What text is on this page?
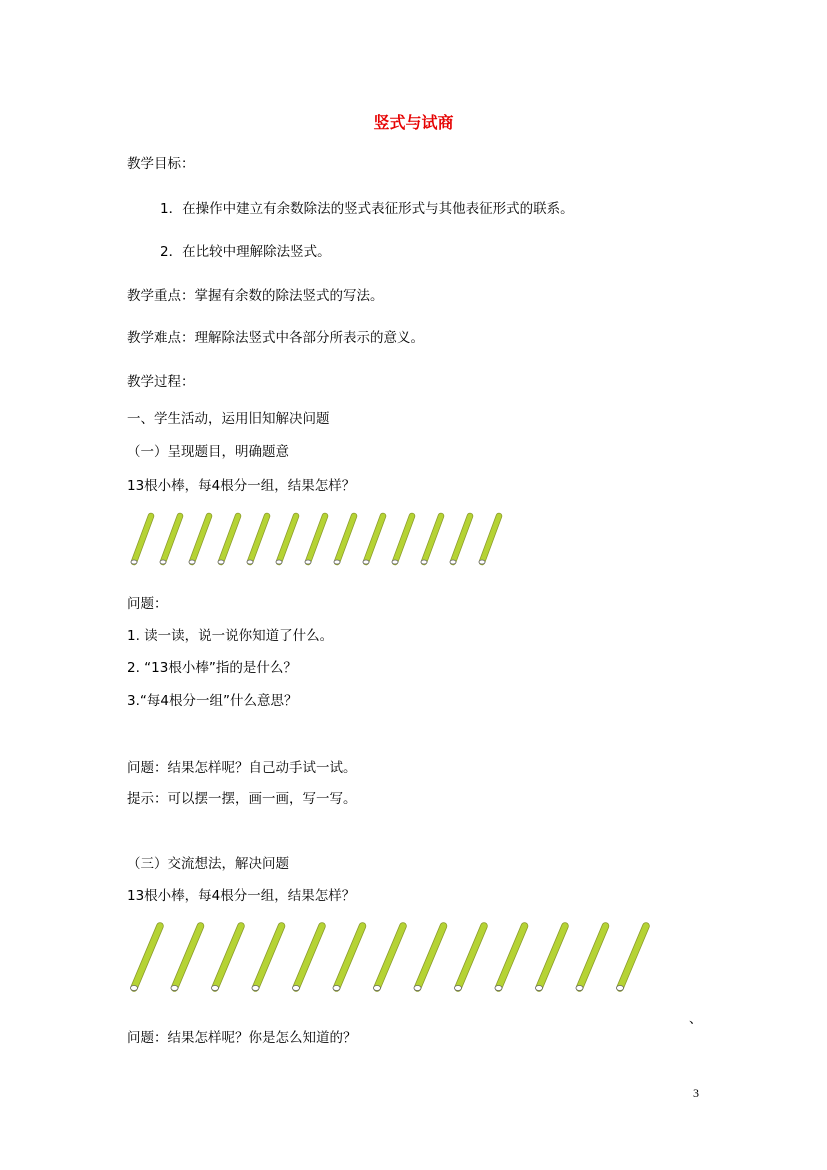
竖式与试商
教学目标：
1．在操作中建立有余数除法的竖式表征形式与其他表征形式的联系。
2．在比较中理解除法竖式。
教学重点：掌握有余数的除法竖式的写法。
教学难点：理解除法竖式中各部分所表示的意义。
教学过程：
一、学生活动，运用旧知解决问题
（一）呈现题目，明确题意
13根小棒，每4根分一组，结果怎样？
问题：
1. 读一读，说一说你知道了什么。
2. “13根小棒”指的是什么？
3.“每4根分一组”什么意思？
问题：结果怎样呢？自己动手试一试。
提示：可以摆一摆，画一画，写一写。
（三）交流想法，解决问题
13根小棒，每4根分一组，结果怎样？
、
问题：结果怎样呢？你是怎么知道的？
3
